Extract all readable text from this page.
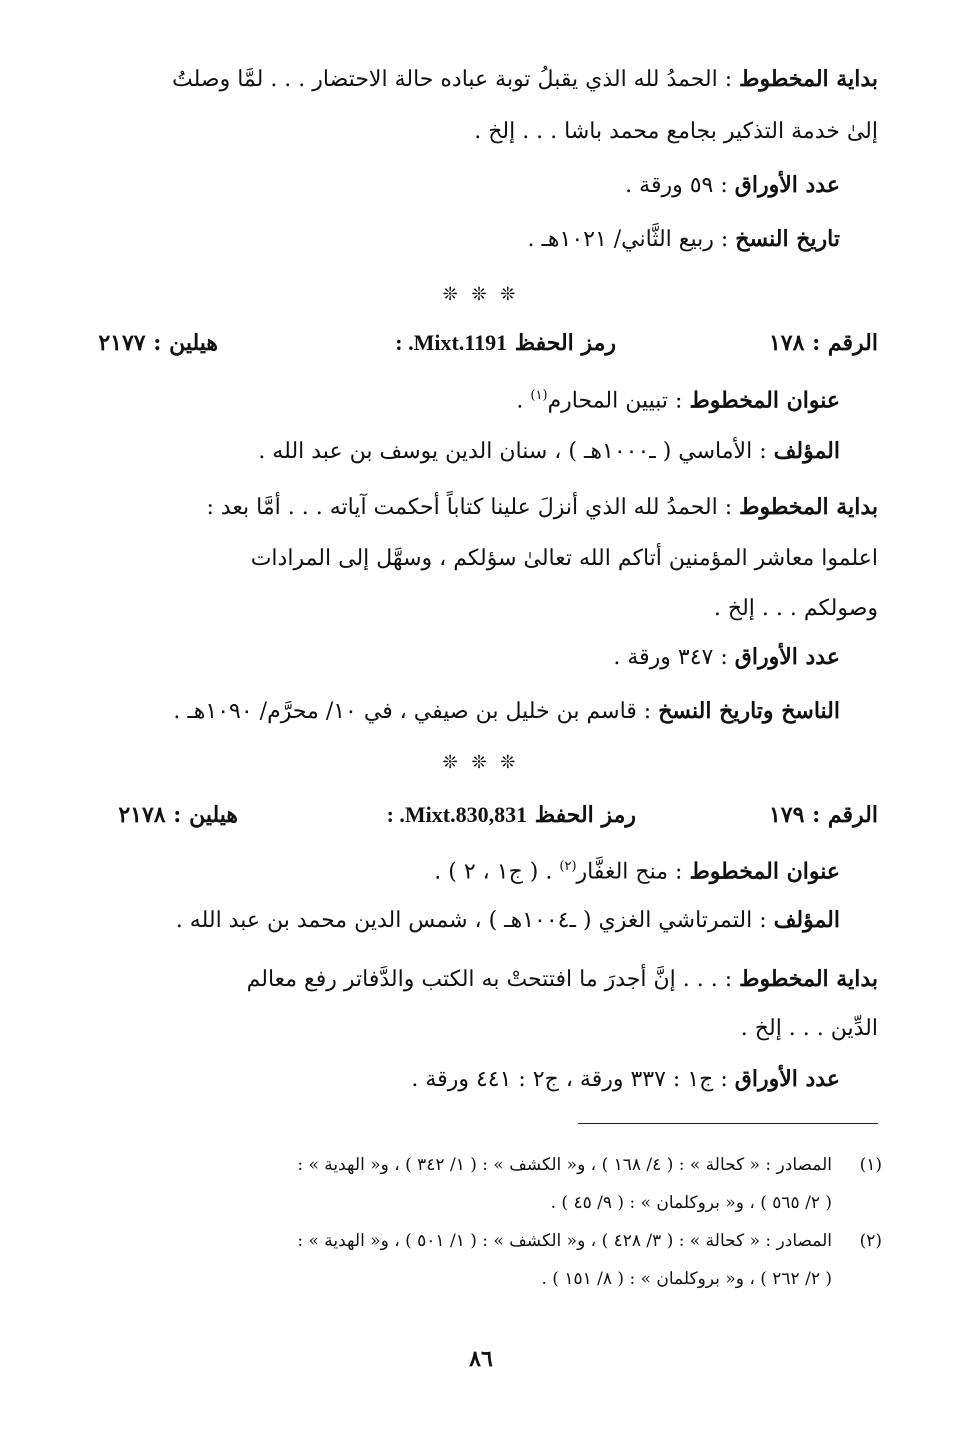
بداية المخطوط : الحمدُ لله الذي يقبلُ توبة عباده حالة الاحتضار . . . لمَّا وصلتُ
إلىٰ خدمة التذكير بجامع محمد باشا . . . إلخ .
عدد الأوراق : ٥٩ ورقة .
تاريخ النسخ : ربيع الثَّاني/ ١٠٢١هـ .
❊ ❊ ❊
الرقم : ١٧٨
رمز الحفظ : .Mixt.1191
هيلين : ٢١٧٧
عنوان المخطوط : تبيين المحارم$^{(١)}$ .
المؤلف : الأماسي ( ـ١٠٠٠هـ ) ، سنان الدين يوسف بن عبد الله .
بداية المخطوط : الحمدُ لله الذي أنزلَ علينا كتاباً أحكمت آياته . . . أمَّا بعد :
اعلموا معاشر المؤمنين أتاكم الله تعالىٰ سؤلكم ، وسهَّل إلى المرادات
وصولكم . . . إلخ .
عدد الأوراق : ٣٤٧ ورقة .
الناسخ وتاريخ النسخ : قاسم بن خليل بن صيفي ، في ١٠/ محرَّم/ ١٠٩٠هـ .
❊ ❊ ❊
الرقم : ١٧٩
رمز الحفظ : .Mixt.830,831
هيلين : ٢١٧٨
عنوان المخطوط : منح الغفَّار$^{(٢)}$ . ( ج١ ، ٢ ) .
المؤلف : التمرتاشي الغزي ( ـ١٠٠٤هـ ) ، شمس الدين محمد بن عبد الله .
بداية المخطوط : . . . إنَّ أجدرَ ما افتتحتْ به الكتب والدَّفاتر رفع معالم
الدِّين . . . إلخ .
عدد الأوراق : ج١ : ٣٣٧ ورقة ، ج٢ : ٤٤١ ورقة .
(١)
المصادر : « كحالة » : ( ٤/ ١٦٨ ) ، و« الكشف » : ( ١/ ٣٤٢ ) ، و« الهدية » :
( ٢/ ٥٦٥ ) ، و« بروكلمان » : ( ٩/ ٤٥ ) .
(٢)
المصادر : « كحالة » : ( ٣/ ٤٢٨ ) ، و« الكشف » : ( ١/ ٥٠١ ) ، و« الهدية » :
( ٢/ ٢٦٢ ) ، و« بروكلمان » : ( ٨/ ١٥١ ) .
٨٦
